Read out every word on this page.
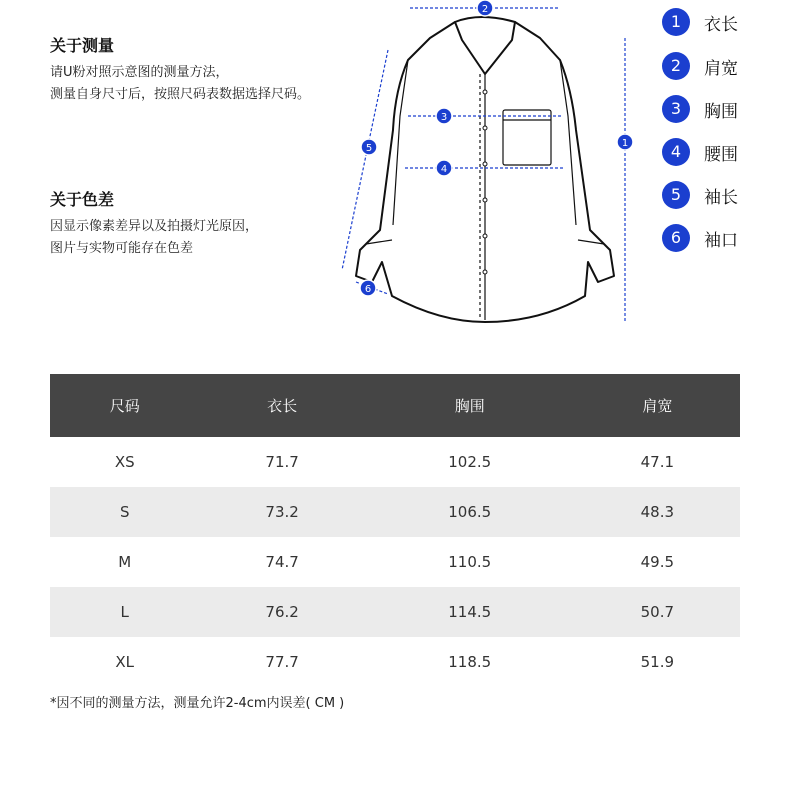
关于测量
请U粉对照示意图的测量方法，
测量自身尺寸后，按照尺码表数据选择尺码。
关于色差
因显示像素差异以及拍摄灯光原因，
图片与实物可能存在色差
2
3
4
1
5
6
1	衣长
2	肩宽
3	胸围
4	腰围
5	袖长
6	袖口
尺码	衣长	胸围	肩宽
XS	71.7	102.5	47.1
S	73.2	106.5	48.3
M	74.7	110.5	49.5
L	76.2	114.5	50.7
XL	77.7	118.5	51.9
*因不同的测量方法，测量允许2-4cm内误差( CM )
